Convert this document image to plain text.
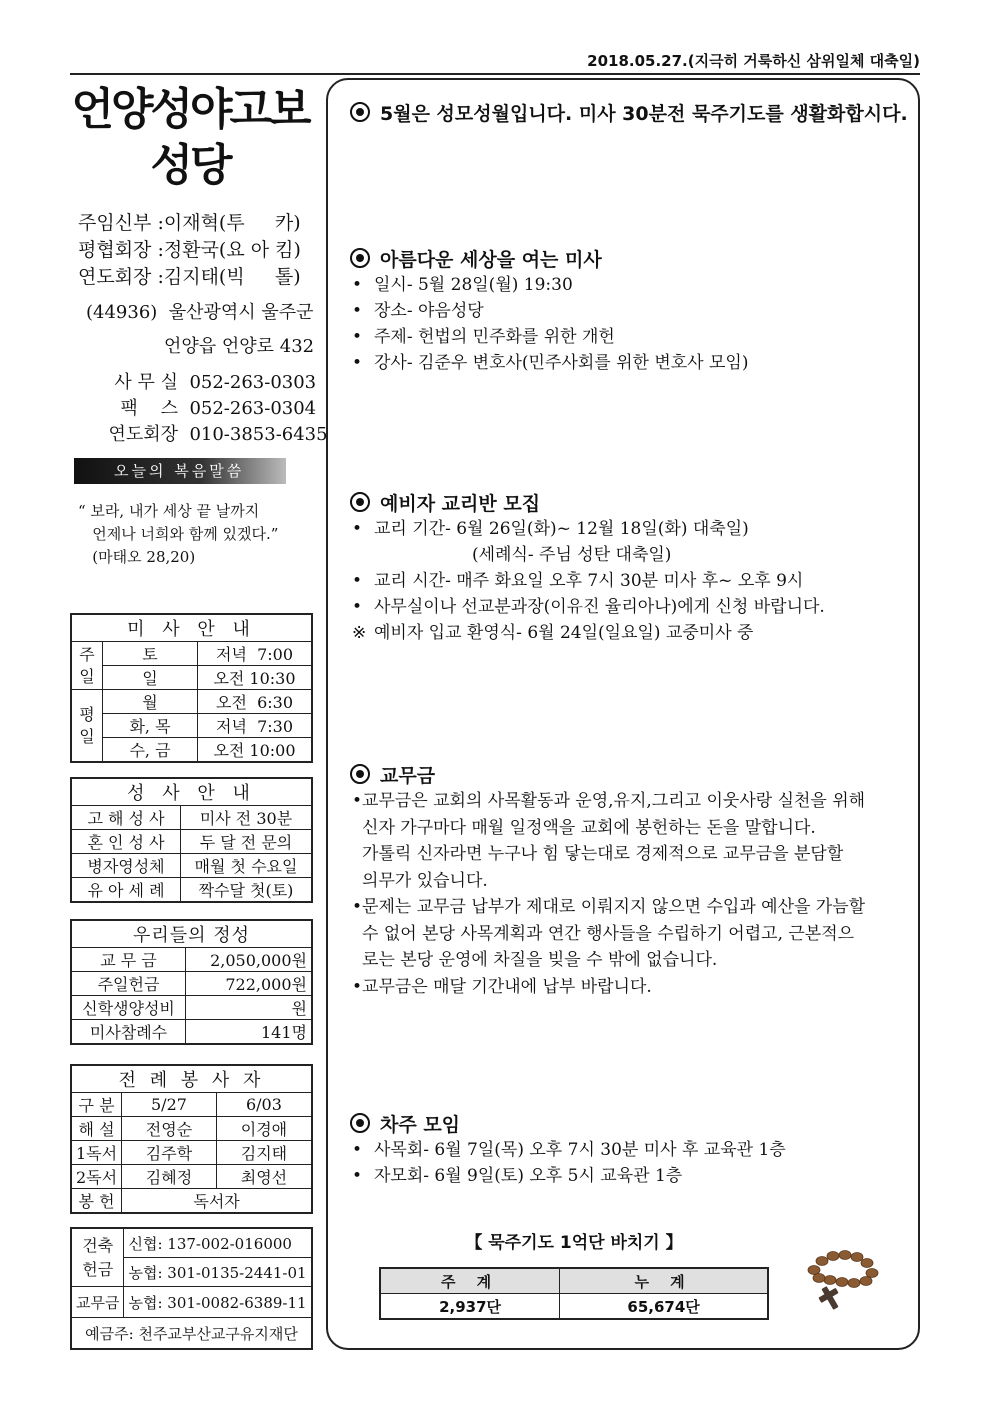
2018.05.27.(지극히 거룩하신 삼위일체 대축일)
언양성야고보
성당
주임신부 :이재혁(투     카)
평협회장 :정환국(요 아 킴)
연도회장 :김지태(빅     톨)
(44936)  울산광역시 울주군
언양읍 언양로 432
사 무 실 052-263-0303
팩    스 052-263-0304
연도회장 010-3853-6435
오늘의 복음말씀
“ 보라, 내가 세상 끝 날까지
언제나 너희와 함께 있겠다.”
(마태오 28,20)
미 사 안 내		
주
일	토	저녁  7:00
	일	오전 10:30
평
일	월	오전  6:30
	화, 목	저녁  7:30
	수, 금	오전 10:00
성 사 안 내	
고 해 성 사	미사 전 30분
혼 인 성 사	두 달 전 문의
병자영성체	매월 첫 수요일
유 아 세 례	짝수달 첫(토)
우리들의 정성	
교 무 금	2,050,000원
주일헌금	722,000원
신학생양성비	원
미사참례수	141명
전 례 봉 사 자		
구 분	5/27	6/03
해 설	전영순	이경애
1독서	김주학	김지태
2독서	김혜정	최영선
봉 헌	독서자	
건축
헌금	신협: 137-002-016000
	농협: 301-0135-2441-01
교무금	농협: 301-0082-6389-11
예금주: 천주교부산교구유지재단	
5월은 성모성월입니다. 미사 30분전 묵주기도를 생활화합시다.
아름다운 세상을 여는 미사
• 일시- 5월 28일(월) 19:30
• 장소- 야음성당
• 주제- 헌법의 민주화를 위한 개헌
• 강사- 김준우 변호사(민주사회를 위한 변호사 모임)
예비자 교리반 모집
• 교리 기간- 6월 26일(화)~ 12월 18일(화) 대축일)
(세례식- 주님 성탄 대축일)
• 교리 시간- 매주 화요일 오후 7시 30분 미사 후~ 오후 9시
• 사무실이나 선교분과장(이유진 율리아나)에게 신청 바랍니다.
※ 예비자 입교 환영식- 6월 24일(일요일) 교중미사 중
교무금
• 교무금은 교회의 사목활동과 운영,유지,그리고 이웃사랑 실천을 위해
신자 가구마다 매월 일정액을 교회에 봉헌하는 돈을 말합니다.
가톨릭 신자라면 누구나 힘 닿는대로 경제적으로 교무금을 분담할
의무가 있습니다.
• 문제는 교무금 납부가 제대로 이뤄지지 않으면 수입과 예산을 가늠할
수 없어 본당 사목계획과 연간 행사들을 수립하기 어렵고, 근본적으
로는 본당 운영에 차질을 빚을 수 밖에 없습니다.
• 교무금은 매달 기간내에 납부 바랍니다.
차주 모임
• 사목회- 6월 7일(목) 오후 7시 30분 미사 후 교육관 1층
• 자모회- 6월 9일(토) 오후 5시 교육관 1층
【 묵주기도 1억단 바치기 】
주 계	누 계
2,937단	65,674단
